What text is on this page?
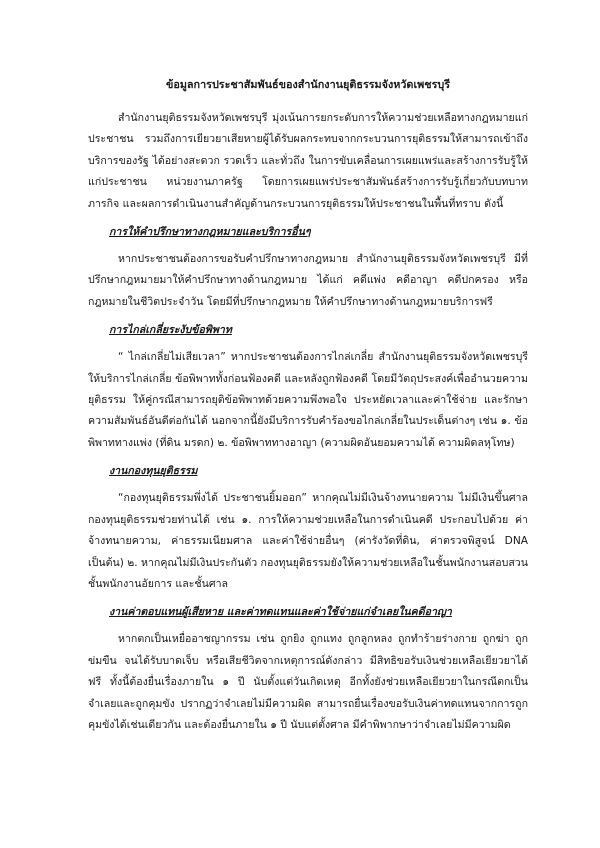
ข้อมูลการประชาสัมพันธ์ของสำนักงานยุติธรรมจังหวัดเพชรบุรี

สำนักงานยุติธรรมจังหวัดเพชรบุรี มุ่งเน้นการยกระดับการให้ความช่วยเหลือทางกฎหมายแก่ประชาชน รวมถึงการเยียวยาเสียหายผู้ได้รับผลกระทบจากกระบวนการยุติธรรมให้สามารถเข้าถึงบริการของรัฐ ได้อย่างสะดวก รวดเร็ว และทั่วถึง ในการขับเคลื่อนการเผยแพร่และสร้างการรับรู้ให้แก่ประชาชน หน่วยงานภาครัฐ โดยการเผยแพร่ประชาสัมพันธ์สร้างการรับรู้เกี่ยวกับบทบาท ภารกิจ และผลการดำเนินงานสำคัญด้านกระบวนการยุติธรรมให้ประชาชนในพื้นที่ทราบ ดังนี้

การให้คำปรึกษาทางกฎหมายและบริการอื่นๆ

หากประชาชนต้องการขอรับคำปรึกษาทางกฎหมาย สำนักงานยุติธรรมจังหวัดเพชรบุรี มีที่ปรึกษากฎหมายมาให้คำปรึกษาทางด้านกฎหมาย ได้แก่ คดีแพ่ง คดีอาญา คดีปกครอง หรือกฎหมายในชีวิตประจำวัน โดยมีที่ปรึกษากฎหมาย ให้คำปรึกษาทางด้านกฎหมายบริการฟรี

การไกล่เกลี่ยระงับข้อพิพาท

“ ไกล่เกลี่ยไม่เสียเวลา” หากประชาชนต้องการไกล่เกลี่ย สำนักงานยุติธรรมจังหวัดเพชรบุรี ให้บริการไกล่เกลี่ย ข้อพิพาททั้งก่อนฟ้องคดี และหลังถูกฟ้องคดี โดยมีวัตถุประสงค์เพื่ออำนวยความยุติธรรม ให้คู่กรณีสามารถยุติข้อพิพาทด้วยความพึงพอใจ ประหยัดเวลาและค่าใช้จ่าย และรักษาความสัมพันธ์อันดีต่อกันได้ นอกจากนี้ยังมีบริการรับคำร้องขอไกล่เกลี่ยในประเด็นต่างๆ เช่น ๑. ข้อพิพาททางแพ่ง (ที่ดิน มรดก) ๒. ข้อพิพาททางอาญา (ความผิดอันยอมความได้ ความผิดลหุโทษ)

งานกองทุนยุติธรรม

“กองทุนยุติธรรมพึ่งได้ ประชาชนยิ้มออก” หากคุณไม่มีเงินจ้างทนายความ ไม่มีเงินขึ้นศาล กองทุนยุติธรรมช่วยท่านได้ เช่น ๑. การให้ความช่วยเหลือในการดำเนินคดี ประกอบไปด้วย ค่าจ้างทนายความ, ค่าธรรมเนียมศาล และค่าใช้จ่ายอื่นๆ (ค่ารังวัดที่ดิน, ค่าตรวจพิสูจน์ DNA เป็นต้น) ๒. หากคุณไม่มีเงินประกันตัว กองทุนยุติธรรมยังให้ความช่วยเหลือในชั้นพนักงานสอบสวน ชั้นพนักงานอัยการ และชั้นศาล

งานค่าตอบแทนผู้เสียหาย และค่าทดแทนและค่าใช้จ่ายแก่จำเลยในคดีอาญา

หากตกเป็นเหยื่ออาชญากรรม เช่น ถูกยิง ถูกแทง ถูกลูกหลง ถูกทำร้ายร่างกาย ถูกฆ่า ถูกข่มขืน จนได้รับบาดเจ็บ หรือเสียชีวิตจากเหตุการณ์ดังกล่าว มีสิทธิขอรับเงินช่วยเหลือเยียวยาได้ฟรี ทั้งนี้ต้องยื่นเรื่องภายใน ๑ ปี นับตั้งแต่วันเกิดเหตุ อีกทั้งยังช่วยเหลือเยียวยาในกรณีตกเป็นจำเลยและถูกคุมขัง ปรากฏว่าจำเลยไม่มีความผิด สามารถยื่นเรื่องขอรับเงินค่าทดแทนจากการถูกคุมขังได้เช่นเดียวกัน และต้องยื่นภายใน ๑ ปี นับแต่ตั้งศาล มีคำพิพากษาว่าจำเลยไม่มีความผิด
